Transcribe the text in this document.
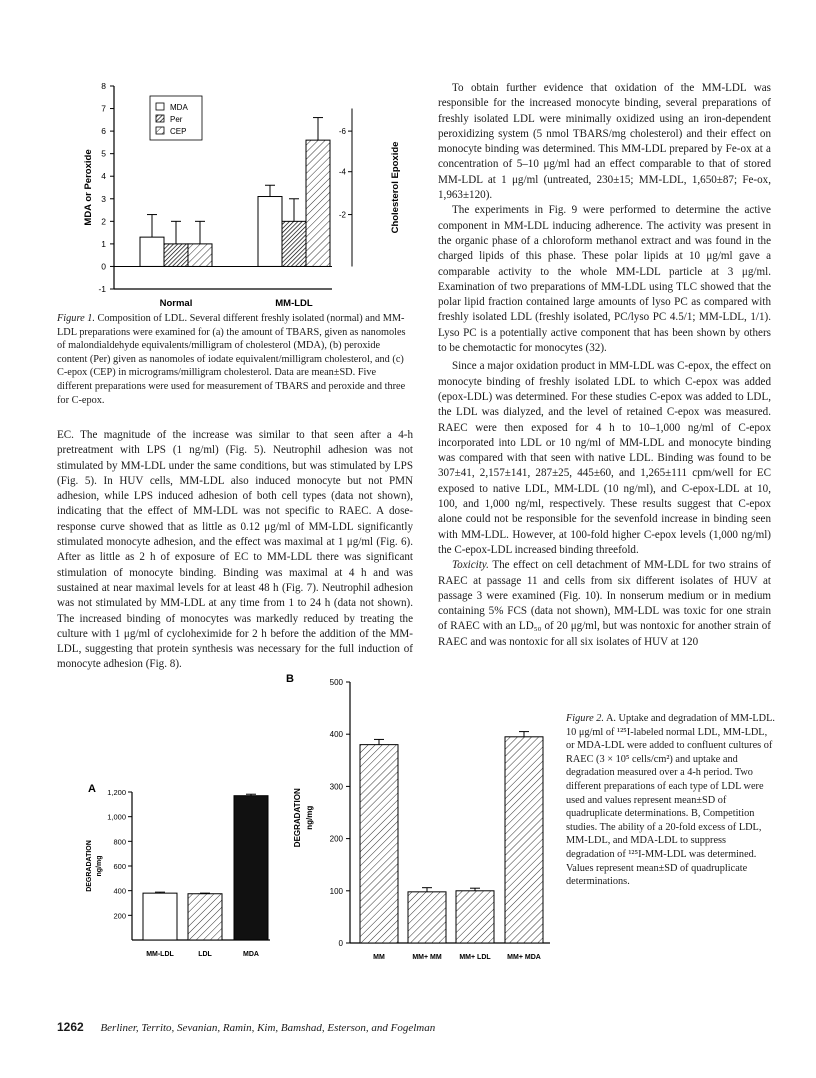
-1
0
1
2
3
4
5
6
7
8
-2
-4
-6
MDA or Peroxide	Cholesterol Epoxide
Normal	MM-LDL
MDA
Per
CEP

Figure 1. Composition of LDL. Several different freshly isolated (normal) and MM-LDL preparations were examined for (a) the amount of TBARS, given as nanomoles of malondialdehyde equivalents/milligram of cholesterol (MDA), (b) peroxide content (Per) given as nanomoles of iodate equivalent/milligram cholesterol, and (c) C-epox (CEP) in micrograms/milligram cholesterol. Data are mean±SD. Five different preparations were used for measurement of TBARS and peroxide and three for C-epox.

EC. The magnitude of the increase was similar to that seen after a 4-h pretreatment with LPS (1 ng/ml) (Fig. 5). Neutrophil adhesion was not stimulated by MM-LDL under the same conditions, but was stimulated by LPS (Fig. 5). In HUV cells, MM-LDL also induced monocyte but not PMN adhesion, while LPS induced adhesion of both cell types (data not shown), indicating that the effect of MM-LDL was not specific to RAEC. A dose-response curve showed that as little as 0.12 μg/ml of MM-LDL significantly stimulated monocyte adhesion, and the effect was maximal at 1 μg/ml (Fig. 6). After as little as 2 h of exposure of EC to MM-LDL there was significant stimulation of monocyte binding. Binding was maximal at 4 h and was sustained at near maximal levels for at least 48 h (Fig. 7). Neutrophil adhesion was not stimulated by MM-LDL at any time from 1 to 24 h (data not shown). The increased binding of monocytes was markedly reduced by treating the culture with 1 μg/ml of cycloheximide for 2 h before the addition of the MM-LDL, suggesting that protein synthesis was necessary for the full induction of monocyte adhesion (Fig. 8).

To obtain further evidence that oxidation of the MM-LDL was responsible for the increased monocyte binding, several preparations of freshly isolated LDL were minimally oxidized using an iron-dependent peroxidizing system (5 nmol TBARS/mg cholesterol) and their effect on monocyte binding was determined. This MM-LDL prepared by Fe-ox at a concentration of 5–10 μg/ml had an effect comparable to that of stored MM-LDL at 1 μg/ml (untreated, 230±15; MM-LDL, 1,650±87; Fe-ox, 1,963±120).

The experiments in Fig. 9 were performed to determine the active component in MM-LDL inducing adherence. The activity was present in the organic phase of a chloroform methanol extract and was found in the charged lipids of this phase. These polar lipids at 10 μg/ml gave a comparable activity to the whole MM-LDL particle at 3 μg/ml. Examination of two preparations of MM-LDL using TLC showed that the polar lipid fraction contained large amounts of lyso PC as compared with freshly isolated LDL (freshly isolated, PC/lyso PC 4.5/1; MM-LDL, 1/1). Lyso PC is a potentially active component that has been shown by others to be chemotactic for monocytes (32).

Since a major oxidation product in MM-LDL was C-epox, the effect on monocyte binding of freshly isolated LDL to which C-epox was added (epox-LDL) was determined. For these studies C-epox was added to LDL, the LDL was dialyzed, and the level of retained C-epox was measured. RAEC were then exposed for 4 h to 10–1,000 ng/ml of C-epox incorporated into LDL or 10 ng/ml of MM-LDL and monocyte binding was compared with that seen with native LDL. Binding was found to be 307±41, 2,157±141, 287±25, 445±60, and 1,265±111 cpm/well for EC exposed to native LDL, MM-LDL (10 ng/ml), and C-epox-LDL at 10, 100, and 1,000 ng/ml, respectively. These results suggest that C-epox alone could not be responsible for the sevenfold increase in binding seen with MM-LDL. However, at 100-fold higher C-epox levels (1,000 ng/ml) the C-epox-LDL increased binding threefold.

Toxicity. The effect on cell detachment of MM-LDL for two strains of RAEC at passage 11 and cells from six different isolates of HUV at passage 3 were examined (Fig. 10). In nonserum medium or in medium containing 5% FCS (data not shown), MM-LDL was toxic for one strain of RAEC with an LD₅₀ of 20 μg/ml, but was nontoxic for another strain of RAEC and was nontoxic for all six isolates of HUV at 120

A
200
400
600
800
1,000
1,200
DEGRADATION ng/mg
MM-LDL	LDL	MDA
B
0
100
200
300
400
500
DEGRADATION ng/mg
MM	MM+ MM	MM+ LDL MM+ MDA

Figure 2. A. Uptake and degradation of MM-LDL. 10 μg/ml of ¹²⁵I-labeled normal LDL, MM-LDL, or MDA-LDL were added to confluent cultures of RAEC (3 × 10⁵ cells/cm²) and uptake and degradation measured over a 4-h period. Two different preparations of each type of LDL were used and values represent mean±SD of quadruplicate determinations. B, Competition studies. The ability of a 20-fold excess of LDL, MM-LDL, and MDA-LDL to suppress degradation of ¹²⁵I-MM-LDL was determined. Values represent mean±SD of quadruplicate determinations.

1262 Berliner, Territo, Sevanian, Ramin, Kim, Bamshad, Esterson, and Fogelman
